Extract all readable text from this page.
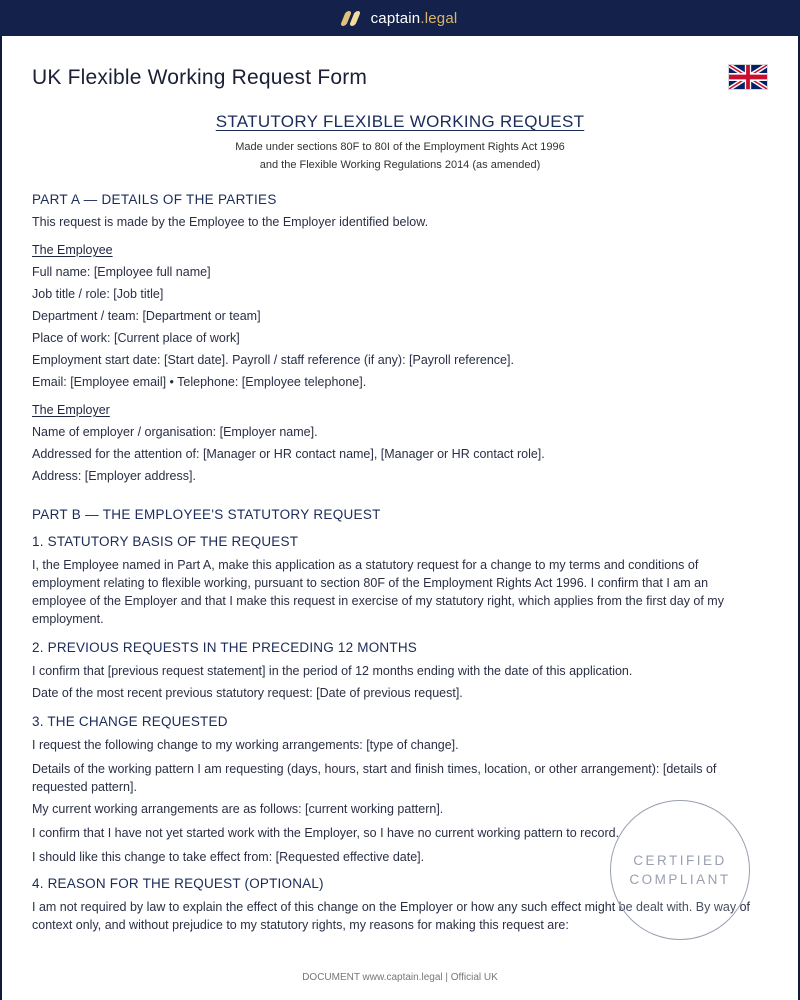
captain.legal
UK Flexible Working Request Form
STATUTORY FLEXIBLE WORKING REQUEST
Made under sections 80F to 80I of the Employment Rights Act 1996
and the Flexible Working Regulations 2014 (as amended)
PART A — DETAILS OF THE PARTIES
This request is made by the Employee to the Employer identified below.
The Employee
Full name: [Employee full name]
Job title / role: [Job title]
Department / team: [Department or team]
Place of work: [Current place of work]
Employment start date: [Start date]. Payroll / staff reference (if any): [Payroll reference].
Email: [Employee email] • Telephone: [Employee telephone].
The Employer
Name of employer / organisation: [Employer name].
Addressed for the attention of: [Manager or HR contact name], [Manager or HR contact role].
Address: [Employer address].
PART B — THE EMPLOYEE'S STATUTORY REQUEST
1. STATUTORY BASIS OF THE REQUEST
I, the Employee named in Part A, make this application as a statutory request for a change to my terms and conditions of employment relating to flexible working, pursuant to section 80F of the Employment Rights Act 1996. I confirm that I am an employee of the Employer and that I make this request in exercise of my statutory right, which applies from the first day of my employment.
2. PREVIOUS REQUESTS IN THE PRECEDING 12 MONTHS
I confirm that [previous request statement] in the period of 12 months ending with the date of this application.
Date of the most recent previous statutory request: [Date of previous request].
3. THE CHANGE REQUESTED
I request the following change to my working arrangements: [type of change].
Details of the working pattern I am requesting (days, hours, start and finish times, location, or other arrangement): [details of requested pattern].
My current working arrangements are as follows: [current working pattern].
I confirm that I have not yet started work with the Employer, so I have no current working pattern to record.
I should like this change to take effect from: [Requested effective date].
4. REASON FOR THE REQUEST (OPTIONAL)
I am not required by law to explain the effect of this change on the Employer or how any such effect might be dealt with. By way of context only, and without prejudice to my statutory rights, my reasons for making this request are:
CERTIFIED
COMPLIANT
DOCUMENT www.captain.legal | Official UK
